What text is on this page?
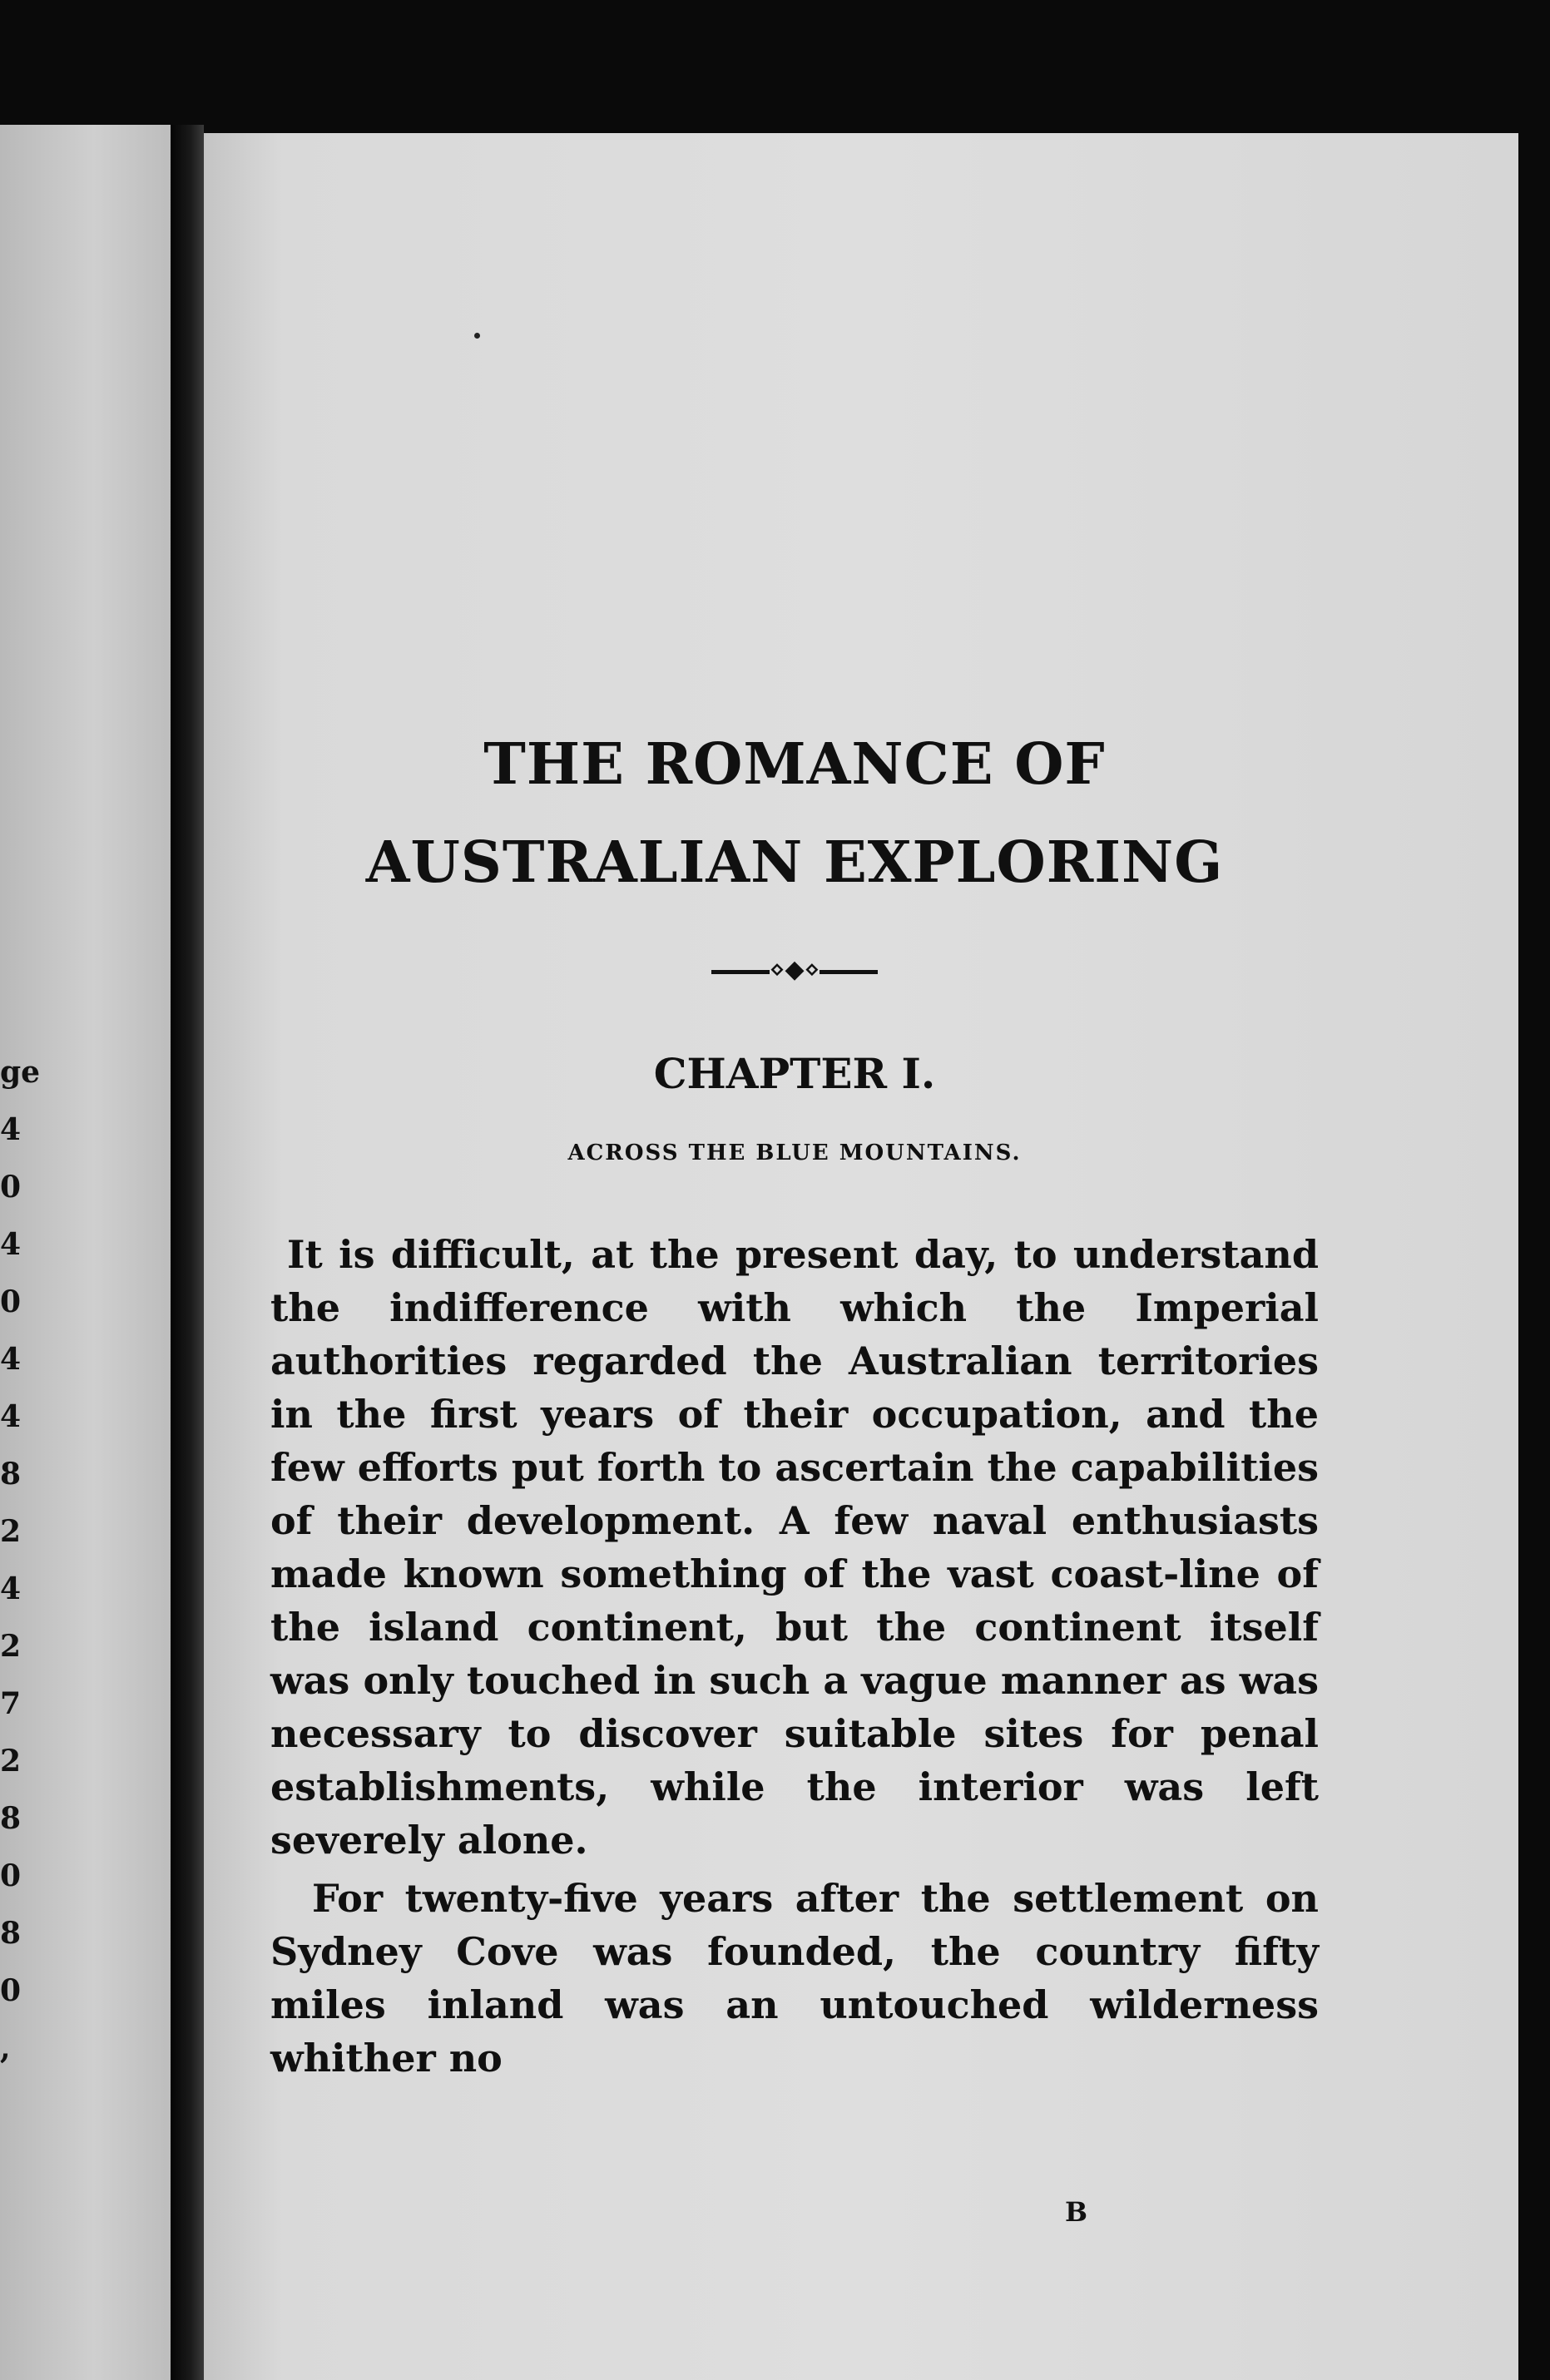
ge
4
0
4
0
4
4
8
2
4
2
7
2
8
0
8
0
,
THE ROMANCE OF AUSTRALIAN EXPLORING
⋄◆⋄
CHAPTER I.
ACROSS THE BLUE MOUNTAINS.

It is difficult, at the present day, to understand the indifference with which the Imperial authorities regarded the Australian territories in the first years of their occupation, and the few efforts put forth to ascertain the capabilities of their development. A few naval enthusiasts made known something of the vast coast-line of the island continent, but the continent itself was only touched in such a vague manner as was necessary to discover suitable sites for penal establishments, while the interior was left severely alone.

For twenty-five years after the settlement on Sydney Cove was founded, the country fifty miles inland was an untouched wilderness whither no

B
